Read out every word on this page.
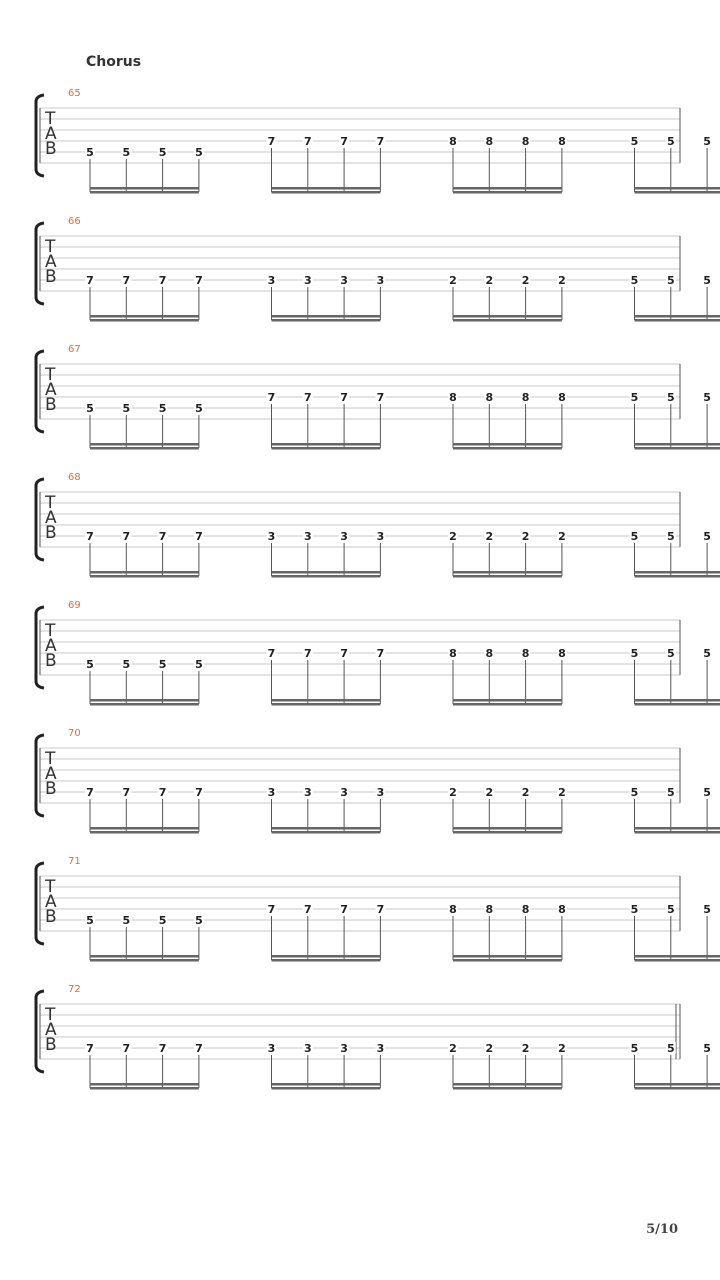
Chorus
65
T
A
B	5	5	5	5
7	7	7	7	8	8	8	8	5	5	5
66
T
A
B	7	7	7	7	3	3	3	3	2	2	2	2	5	5	5
67
T
A
B	5	5	5	5
7	7	7	7	8	8	8	8	5	5	5
68
T
A
B	7	7	7	7	3	3	3	3	2	2	2	2	5	5	5
69
T
A
B	5	5	5	5
7	7	7	7	8	8	8	8	5	5	5
70
T
A
B	7	7	7	7	3	3	3	3	2	2	2	2	5	5	5
71
T
A
B	5	5	5	5
7	7	7	7	8	8	8	8	5	5	5
72
T
A
B	7	7	7	7	3	3	3	3	2	2	2	2	5	5	5
5/10
